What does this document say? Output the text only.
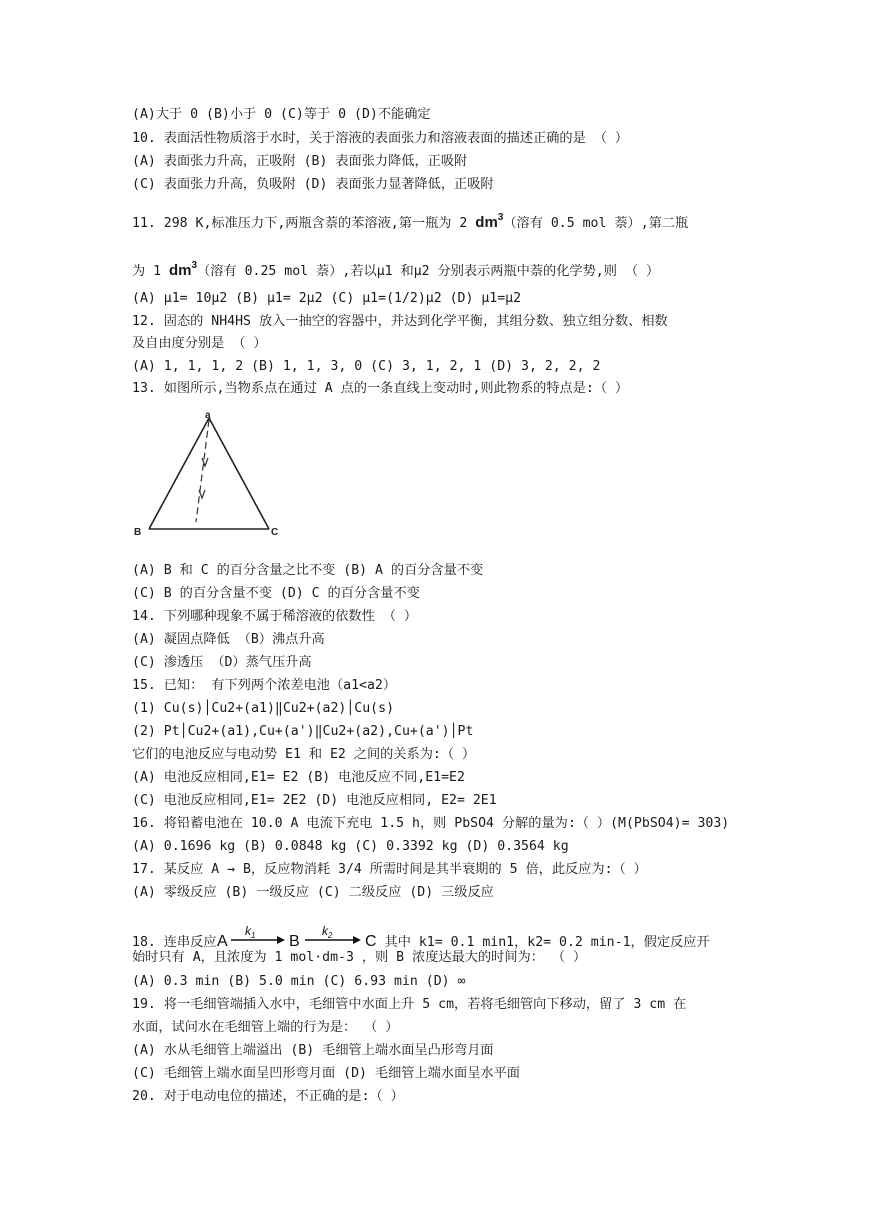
(A)大于 0 (B)小于 0 (C)等于 0 (D)不能确定
10. 表面活性物质溶于水时，关于溶液的表面张力和溶液表面的描述正确的是 （ ）
(A) 表面张力升高，正吸附 (B) 表面张力降低，正吸附
(C) 表面张力升高，负吸附 (D) 表面张力显著降低，正吸附
11. 298 K,标准压力下,两瓶含萘的苯溶液,第一瓶为 2 $dm^3$（溶有 0.5 mol 萘）,第二瓶
为 1 $dm^3$（溶有 0.25 mol 萘）,若以μ1 和μ2 分别表示两瓶中萘的化学势,则 （ ）
(A) μ1= 10μ2 (B) μ1= 2μ2 (C) μ1=(1/2)μ2 (D) μ1=μ2
12. 固态的 NH4HS 放入一抽空的容器中，并达到化学平衡，其组分数、独立组分数、相数
及自由度分别是 （ ）
(A) 1, 1, 1, 2 (B) 1, 1, 3, 0 (C) 3, 1, 2, 1 (D) 3, 2, 2, 2
13. 如图所示,当物系点在通过 A 点的一条直线上变动时,则此物系的特点是:（ ）
a
B	C
(A) B 和 C 的百分含量之比不变 (B) A 的百分含量不变
(C) B 的百分含量不变 (D) C 的百分含量不变
14. 下列哪种现象不属于稀溶液的依数性 （ ）
(A) 凝固点降低 （B）沸点升高
(C) 渗透压 （D）蒸气压升高
15. 已知： 有下列两个浓差电池（a1<a2）
(1) Cu(s)│Cu2+(a1)‖Cu2+(a2)│Cu(s)
(2) Pt│Cu2+(a1),Cu+(a')‖Cu2+(a2),Cu+(a')│Pt
它们的电池反应与电动势 E1 和 E2 之间的关系为:（ ）
(A) 电池反应相同,E1= E2 (B) 电池反应不同,E1=E2
(C) 电池反应相同,E1= 2E2 (D) 电池反应相同, E2= 2E1
16. 将铅蓄电池在 10.0 A 电流下充电 1.5 h，则 PbSO4 分解的量为:（ ）(M(PbSO4)= 303)
(A) 0.1696 kg (B) 0.0848 kg (C) 0.3392 kg (D) 0.3564 kg
17. 某反应 A → B，反应物消耗 3/4 所需时间是其半衰期的 5 倍，此反应为:（ ）
(A) 零级反应 (B) 一级反应 (C) 二级反应 (D) 三级反应
18. 连串反应 A
$k_1$ B
$k_2$ C 其中 k1= 0.1 min1，k2= 0.2 min-1，假定反应开
始时只有 A，且浓度为 1 mol·dm-3 ，则 B 浓度达最大的时间为： （ ）
(A) 0.3 min (B) 5.0 min (C) 6.93 min (D) ∞
19. 将一毛细管端插入水中，毛细管中水面上升 5 cm，若将毛细管向下移动，留了 3 cm 在
水面，试问水在毛细管上端的行为是： （ ）
(A) 水从毛细管上端溢出 (B) 毛细管上端水面呈凸形弯月面
(C) 毛细管上端水面呈凹形弯月面 (D) 毛细管上端水面呈水平面
20. 对于电动电位的描述，不正确的是:（ ）
